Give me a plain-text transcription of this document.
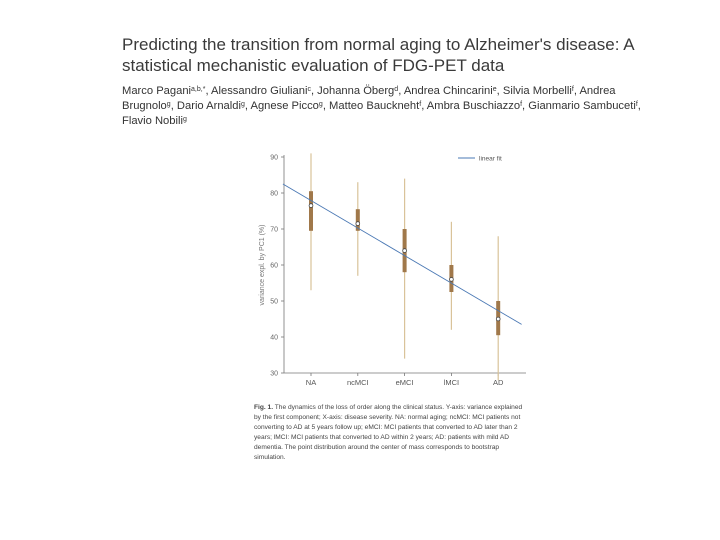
Predicting the transition from normal aging to Alzheimer's disease: A statistical mechanistic evaluation of FDG-PET data

Marco Pagani$^{a,b,*}$, Alessandro Giuliani$^c$, Johanna Öberg$^d$, Andrea Chincarini$^e$, Silvia Morbelli$^f$, Andrea Brugnolo$^g$, Dario Arnaldi$^g$, Agnese Picco$^g$, Matteo Bauckneht$^f$, Ambra Buschiazzo$^f$, Gianmario Sambuceti$^f$, Flavio Nobili$^g$

30
40
50
60
70
80
90
variance expl. by PC1 (%)
NA	ncMCI	eMCI	lMCI	AD
linear fit

Fig. 1. The dynamics of the loss of order along the clinical status. Y-axis: variance explained by the first component; X-axis: disease severity. NA: normal aging; ncMCI: MCI patients not converting to AD at 5 years follow up; eMCI: MCI patients that converted to AD later than 2 years; lMCI: MCI patients that converted to AD within 2 years; AD: patients with mild AD dementia. The point distribution around the center of mass corresponds to bootstrap simulation.
